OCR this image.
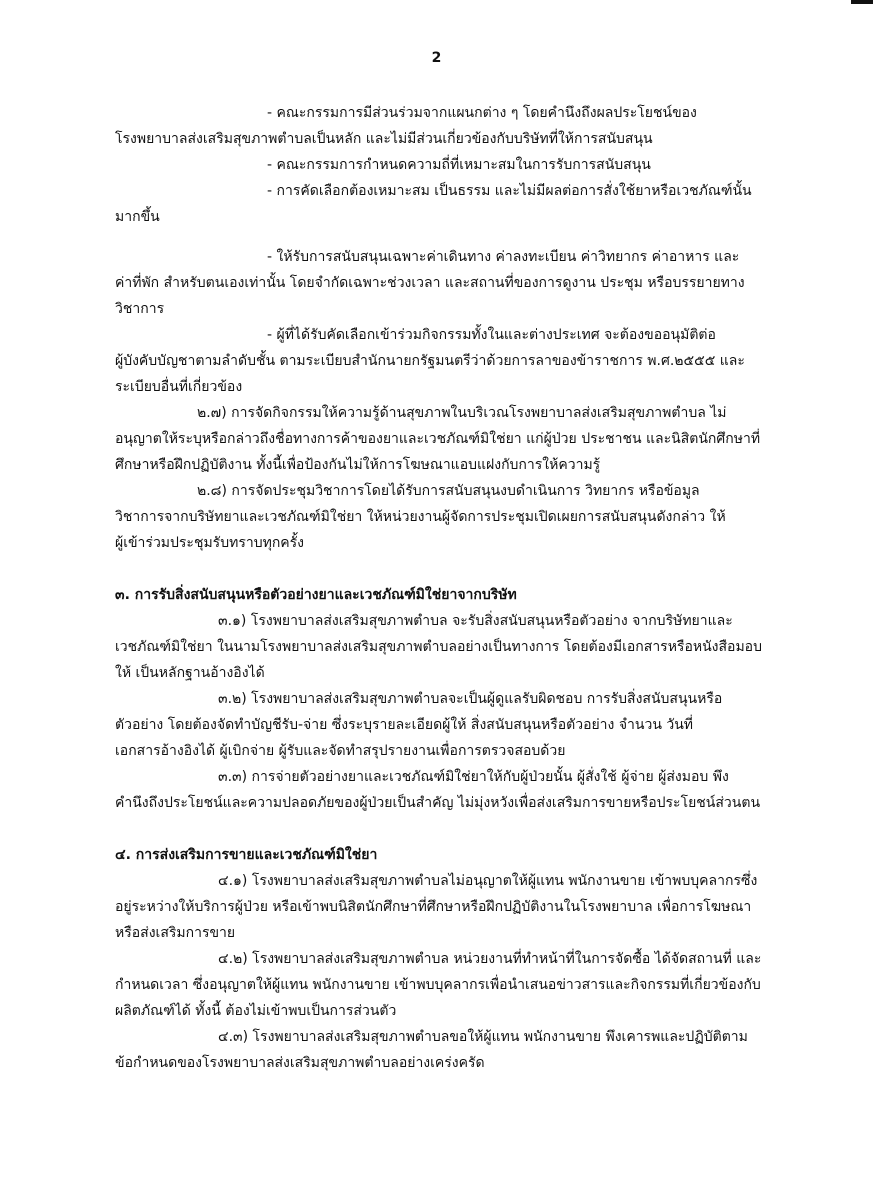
2
- คณะกรรมการมีส่วนร่วมจากแผนกต่าง ๆ โดยคำนึงถึงผลประโยชน์ของ
โรงพยาบาลส่งเสริมสุขภาพตำบลเป็นหลัก และไม่มีส่วนเกี่ยวข้องกับบริษัทที่ให้การสนับสนุน
- คณะกรรมการกำหนดความถี่ที่เหมาะสมในการรับการสนับสนุน
- การคัดเลือกต้องเหมาะสม เป็นธรรม และไม่มีผลต่อการสั่งใช้ยาหรือเวชภัณฑ์นั้น
มากขึ้น
- ให้รับการสนับสนุนเฉพาะค่าเดินทาง ค่าลงทะเบียน ค่าวิทยากร ค่าอาหาร และ
ค่าที่พัก สำหรับตนเองเท่านั้น โดยจำกัดเฉพาะช่วงเวลา และสถานที่ของการดูงาน ประชุม หรือบรรยายทาง
วิชาการ
- ผู้ที่ได้รับคัดเลือกเข้าร่วมกิจกรรมทั้งในและต่างประเทศ จะต้องขออนุมัติต่อ
ผู้บังคับบัญชาตามลำดับชั้น ตามระเบียบสำนักนายกรัฐมนตรีว่าด้วยการลาของข้าราชการ พ.ศ.๒๕๕๕ และ
ระเบียบอื่นที่เกี่ยวข้อง
๒.๗) การจัดกิจกรรมให้ความรู้ด้านสุขภาพในบริเวณโรงพยาบาลส่งเสริมสุขภาพตำบล ไม่
อนุญาตให้ระบุหรือกล่าวถึงชื่อทางการค้าของยาและเวชภัณฑ์มิใช่ยา แก่ผู้ป่วย ประชาชน และนิสิตนักศึกษาที่
ศึกษาหรือฝึกปฏิบัติงาน ทั้งนี้เพื่อป้องกันไม่ให้การโฆษณาแอบแฝงกับการให้ความรู้
๒.๘) การจัดประชุมวิชาการโดยได้รับการสนับสนุนงบดำเนินการ วิทยากร หรือข้อมูล
วิชาการจากบริษัทยาและเวชภัณฑ์มิใช่ยา ให้หน่วยงานผู้จัดการประชุมเปิดเผยการสนับสนุนดังกล่าว ให้
ผู้เข้าร่วมประชุมรับทราบทุกครั้ง
๓. การรับสิ่งสนับสนุนหรือตัวอย่างยาและเวชภัณฑ์มิใช่ยาจากบริษัท
๓.๑) โรงพยาบาลส่งเสริมสุขภาพตำบล จะรับสิ่งสนับสนุนหรือตัวอย่าง จากบริษัทยาและ
เวชภัณฑ์มิใช่ยา ในนามโรงพยาบาลส่งเสริมสุขภาพตำบลอย่างเป็นทางการ โดยต้องมีเอกสารหรือหนังสือมอบ
ให้ เป็นหลักฐานอ้างอิงได้
๓.๒) โรงพยาบาลส่งเสริมสุขภาพตำบลจะเป็นผู้ดูแลรับผิดชอบ การรับสิ่งสนับสนุนหรือ
ตัวอย่าง โดยต้องจัดทำบัญชีรับ-จ่าย ซึ่งระบุรายละเอียดผู้ให้ สิ่งสนับสนุนหรือตัวอย่าง จำนวน วันที่
เอกสารอ้างอิงได้ ผู้เบิกจ่าย ผู้รับและจัดทำสรุปรายงานเพื่อการตรวจสอบด้วย
๓.๓) การจ่ายตัวอย่างยาและเวชภัณฑ์มิใช่ยาให้กับผู้ป่วยนั้น ผู้สั่งใช้ ผู้จ่าย ผู้ส่งมอบ พึง
คำนึงถึงประโยชน์และความปลอดภัยของผู้ป่วยเป็นสำคัญ ไม่มุ่งหวังเพื่อส่งเสริมการขายหรือประโยชน์ส่วนตน
๔. การส่งเสริมการขายและเวชภัณฑ์มิใช่ยา
๔.๑) โรงพยาบาลส่งเสริมสุขภาพตำบลไม่อนุญาตให้ผู้แทน พนักงานขาย เข้าพบบุคลากรซึ่ง
อยู่ระหว่างให้บริการผู้ป่วย หรือเข้าพบนิสิตนักศึกษาที่ศึกษาหรือฝึกปฏิบัติงานในโรงพยาบาล เพื่อการโฆษณา
หรือส่งเสริมการขาย
๔.๒) โรงพยาบาลส่งเสริมสุขภาพตำบล หน่วยงานที่ทำหน้าที่ในการจัดซื้อ ได้จัดสถานที่ และ
กำหนดเวลา ซึ่งอนุญาตให้ผู้แทน พนักงานขาย เข้าพบบุคลากรเพื่อนำเสนอข่าวสารและกิจกรรมที่เกี่ยวข้องกับ
ผลิตภัณฑ์ได้ ทั้งนี้ ต้องไม่เข้าพบเป็นการส่วนตัว
๔.๓) โรงพยาบาลส่งเสริมสุขภาพตำบลขอให้ผู้แทน พนักงานขาย พึงเคารพและปฏิบัติตาม
ข้อกำหนดของโรงพยาบาลส่งเสริมสุขภาพตำบลอย่างเคร่งครัด
